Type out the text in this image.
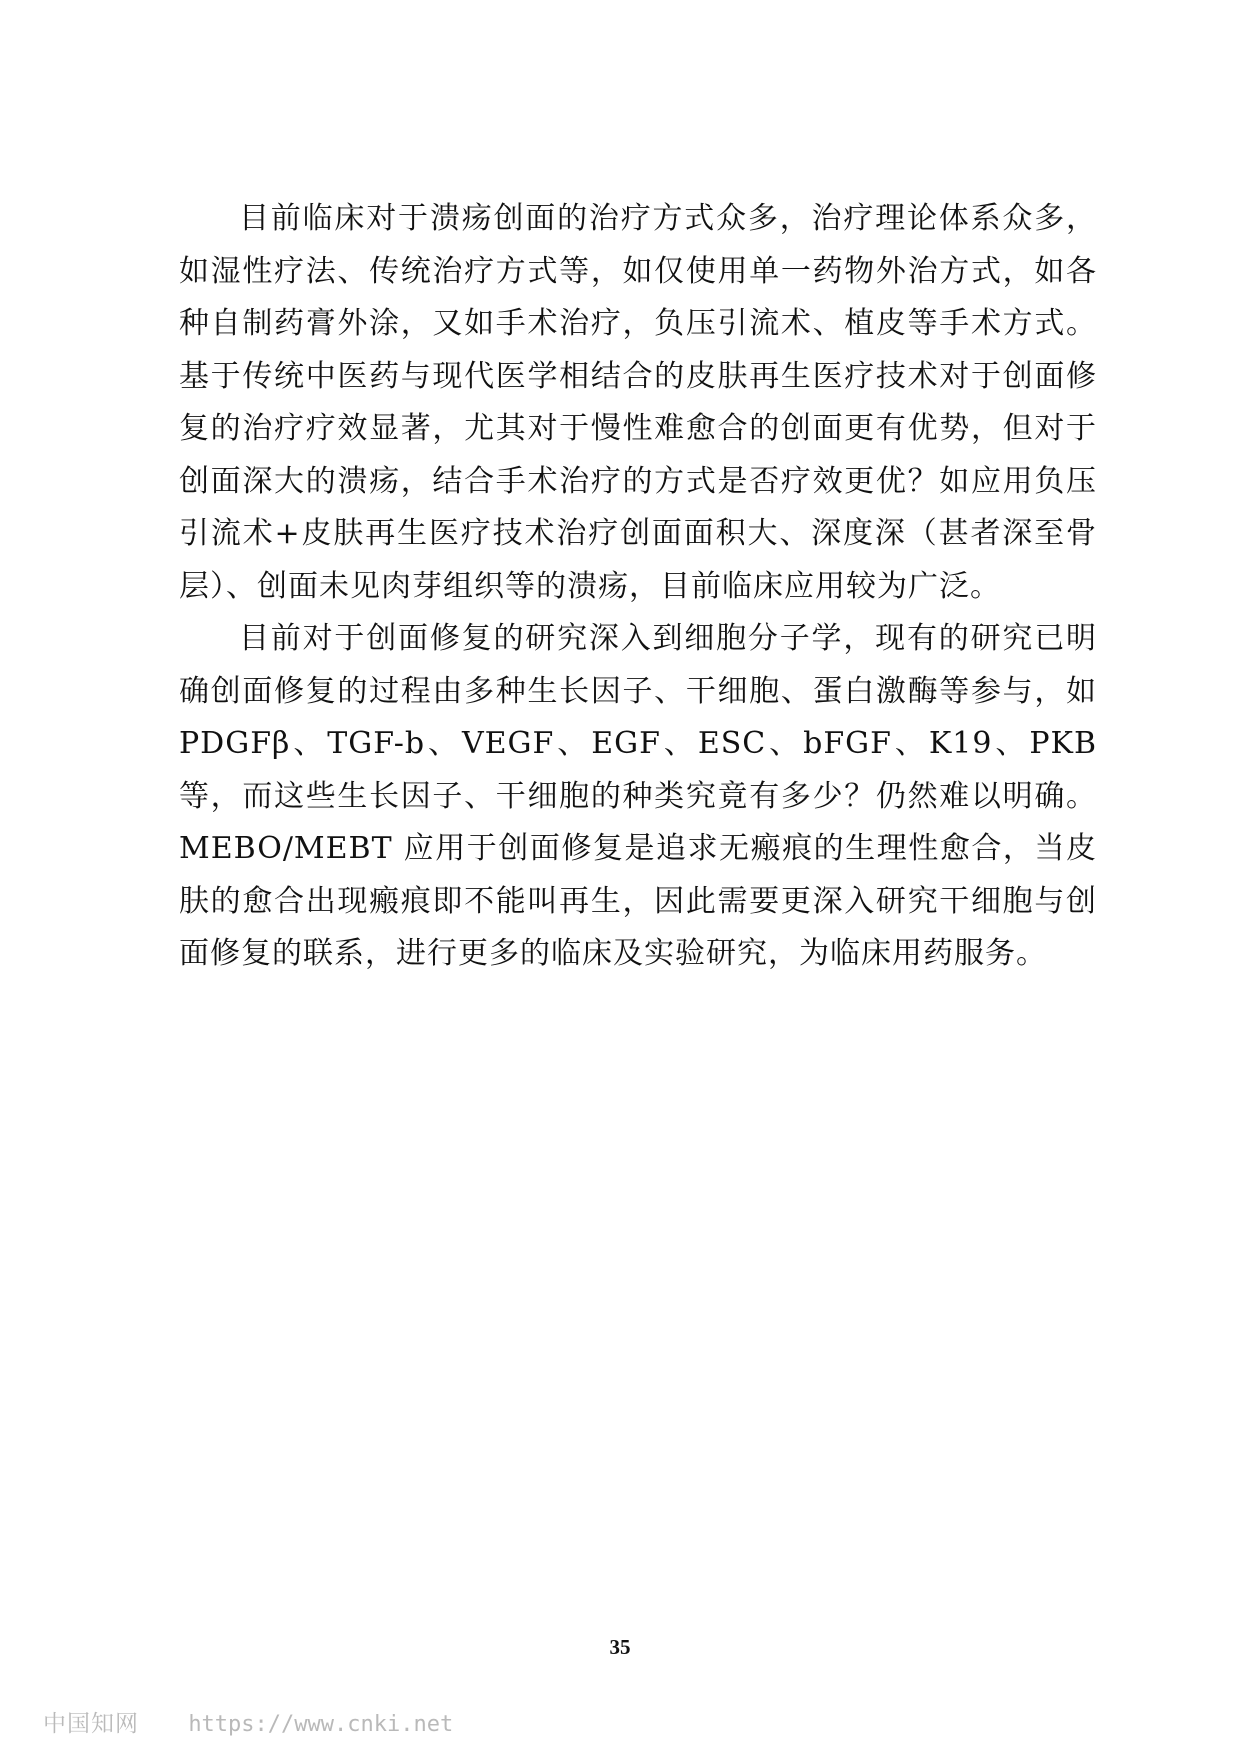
目前临床对于溃疡创面的治疗方式众多，治疗理论体系众多，如湿性疗法、传统治疗方式等，如仅使用单一药物外治方式，如各种自制药膏外涂，又如手术治疗，负压引流术、植皮等手术方式。基于传统中医药与现代医学相结合的皮肤再生医疗技术对于创面修复的治疗疗效显著，尤其对于慢性难愈合的创面更有优势，但对于创面深大的溃疡，结合手术治疗的方式是否疗效更优？如应用负压引流术+皮肤再生医疗技术治疗创面面积大、深度深（甚者深至骨层）、创面未见肉芽组织等的溃疡，目前临床应用较为广泛。

目前对于创面修复的研究深入到细胞分子学，现有的研究已明确创面修复的过程由多种生长因子、干细胞、蛋白激酶等参与，如 PDGFβ、TGF-b、VEGF、EGF、ESC、bFGF、K19、PKB 等，而这些生长因子、干细胞的种类究竟有多少？仍然难以明确。MEBO/MEBT 应用于创面修复是追求无瘢痕的生理性愈合，当皮肤的愈合出现瘢痕即不能叫再生，因此需要更深入研究干细胞与创面修复的联系，进行更多的临床及实验研究，为临床用药服务。

35
中国知网 https://www.cnki.net
